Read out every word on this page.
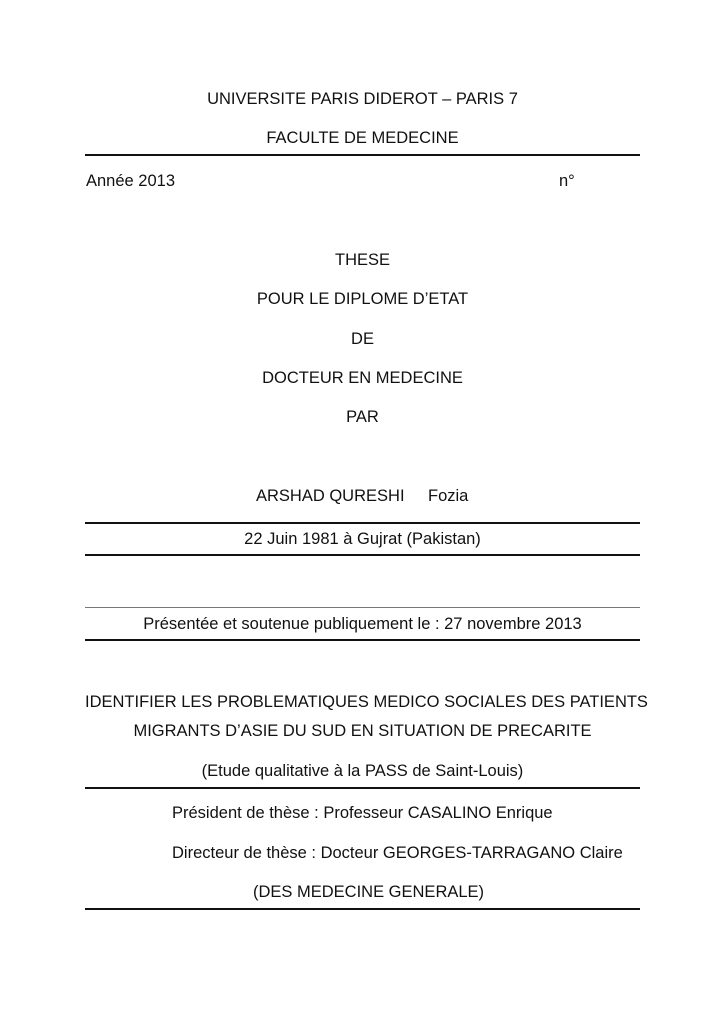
UNIVERSITE PARIS DIDEROT – PARIS 7
FACULTE DE MEDECINE
Année 2013	n°
THESE
POUR LE DIPLOME D’ETAT
DE
DOCTEUR EN MEDECINE
PAR
ARSHAD QURESHI Fozia
22 Juin 1981 à Gujrat (Pakistan)
Présentée et soutenue publiquement le : 27 novembre 2013
IDENTIFIER LES PROBLEMATIQUES MEDICO SOCIALES DES PATIENTS
MIGRANTS D’ASIE DU SUD EN SITUATION DE PRECARITE
(Etude qualitative à la PASS de Saint-Louis)
Président de thèse : Professeur CASALINO Enrique
Directeur de thèse : Docteur GEORGES-TARRAGANO Claire
(DES MEDECINE GENERALE)
